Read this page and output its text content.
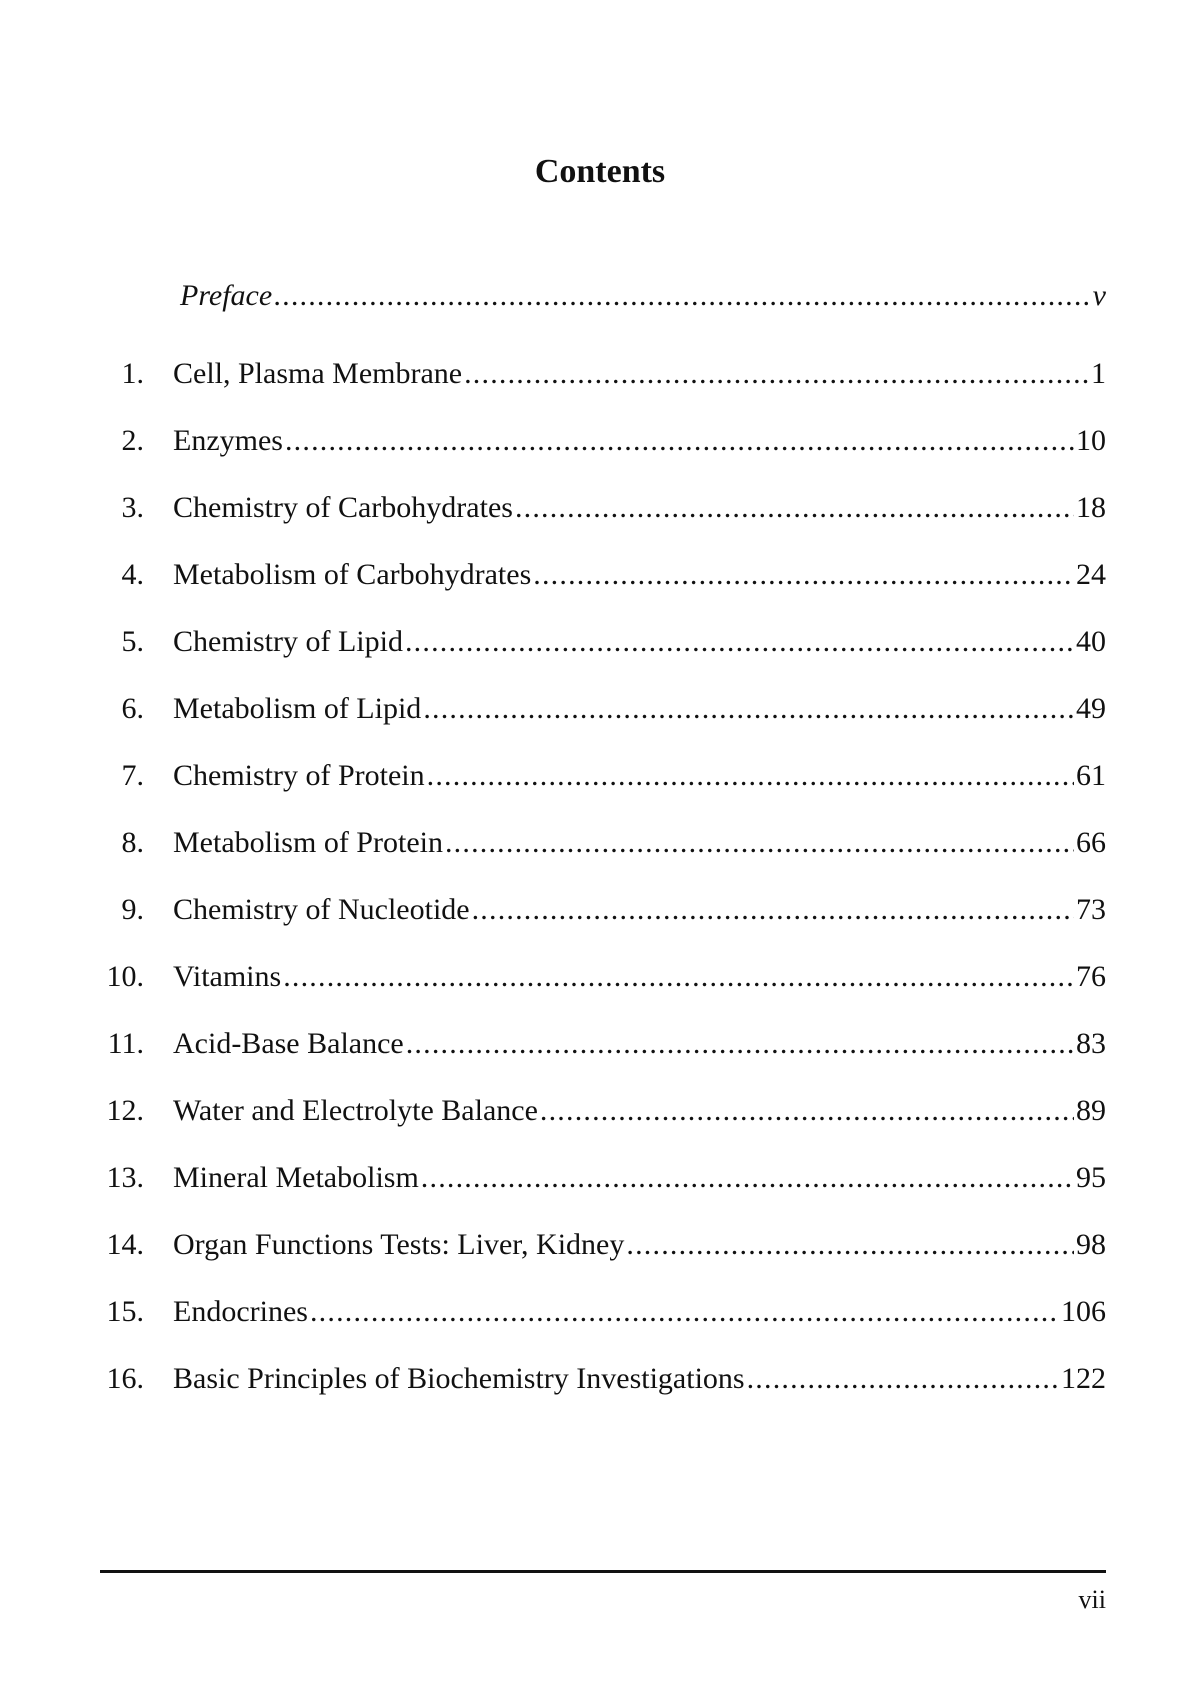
Contents
Preface .....	v
1. Cell, Plasma Membrane .....	1
2. Enzymes .....	10
3. Chemistry of Carbohydrates .....	18
4. Metabolism of Carbohydrates .....	24
5. Chemistry of Lipid .....	40
6. Metabolism of Lipid .....	49
7. Chemistry of Protein .....	61
8. Metabolism of Protein .....	66
9. Chemistry of Nucleotide .....	73
10. Vitamins .....	76
11. Acid-Base Balance .....	83
12. Water and Electrolyte Balance .....	89
13. Mineral Metabolism .....	95
14. Organ Functions Tests: Liver, Kidney .....	98
15. Endocrines .....	106
16. Basic Principles of Biochemistry Investigations .....	122
vii
